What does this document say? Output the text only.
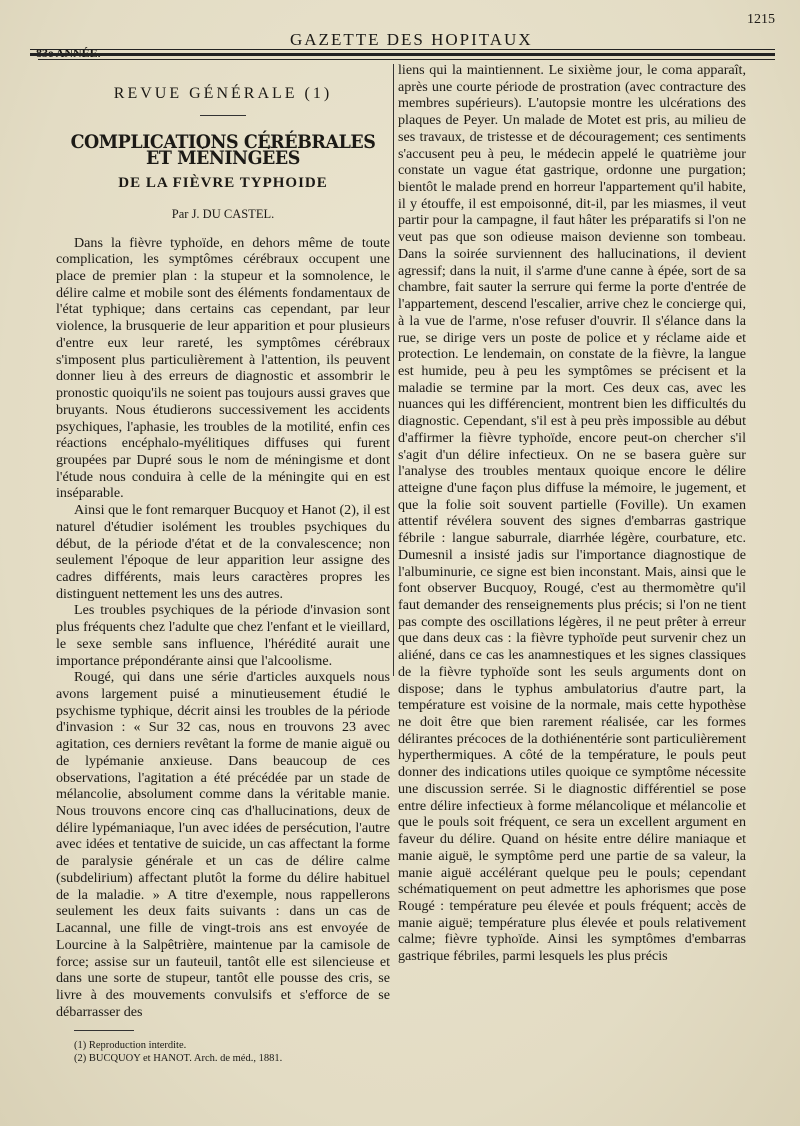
1215
GAZETTE DES HOPITAUX
REVUE GÉNÉRALE (1)
COMPLICATIONS CÉRÉBRALES ET MÉNINGÉES
DE LA FIÈVRE TYPHOIDE
Par J. DU CASTEL.

Dans la fièvre typhoïde, en dehors même de toute complication, les symptômes cérébraux occupent une place de premier plan : la stupeur et la somnolence, le délire calme et mobile sont des éléments fondamentaux de l'état typhique; dans certains cas cependant, par leur violence, la brusquerie de leur apparition et pour plusieurs d'entre eux leur rareté, les symptômes cérébraux s'imposent plus particulièrement à l'attention, ils peuvent donner lieu à des erreurs de diagnostic et assombrir le pronostic quoiqu'ils ne soient pas toujours aussi graves que bruyants. Nous étudierons successivement les accidents psychiques, l'aphasie, les troubles de la motilité, enfin ces réactions encéphalo-myélitiques diffuses qui furent groupées par Dupré sous le nom de méningisme et dont l'étude nous conduira à celle de la méningite qui en est inséparable.

Ainsi que le font remarquer Bucquoy et Hanot (2), il est naturel d'étudier isolément les troubles psychiques du début, de la période d'état et de la convalescence; non seulement l'époque de leur apparition leur assigne des cadres différents, mais leurs caractères propres les distinguent nettement les uns des autres.

Les troubles psychiques de la période d'invasion sont plus fréquents chez l'adulte que chez l'enfant et le vieillard, le sexe semble sans influence, l'hérédité aurait une importance prépondérante ainsi que l'alcoolisme.

Rougé, qui dans une série d'articles auxquels nous avons largement puisé a minutieusement étudié le psychisme typhique, décrit ainsi les troubles de la période d'invasion : « Sur 32 cas, nous en trouvons 23 avec agitation, ces derniers revêtant la forme de manie aiguë ou de lypémanie anxieuse. Dans beaucoup de ces observations, l'agitation a été précédée par un stade de mélancolie, absolument comme dans la véritable manie. Nous trouvons encore cinq cas d'hallucinations, deux de délire lypémaniaque, l'un avec idées de persécution, l'autre avec idées et tentative de suicide, un cas affectant la forme de paralysie générale et un cas de délire calme (subdelirium) affectant plutôt la forme du délire habituel de la maladie. » A titre d'exemple, nous rappellerons seulement les deux faits suivants : dans un cas de Lacannal, une fille de vingt-trois ans est envoyée de Lourcine à la Salpêtrière, maintenue par la camisole de force; assise sur un fauteuil, tantôt elle est silencieuse et dans une sorte de stupeur, tantôt elle pousse des cris, se livre à des mouvements convulsifs et s'efforce de se débarrasser des

(1) Reproduction interdite.
(2) BUCQUOY et HANOT. Arch. de méd., 1881.

liens qui la maintiennent. Le sixième jour, le coma apparaît, après une courte période de prostration (avec contracture des membres supérieurs). L'autopsie montre les ulcérations des plaques de Peyer. Un malade de Motet est pris, au milieu de ses travaux, de tristesse et de découragement; ces sentiments s'accusent peu à peu, le médecin appelé le quatrième jour constate un vague état gastrique, ordonne une purgation; bientôt le malade prend en horreur l'appartement qu'il habite, il y étouffe, il est empoisonné, dit-il, par les miasmes, il veut partir pour la campagne, il faut hâter les préparatifs si l'on ne veut pas que son odieuse maison devienne son tombeau. Dans la soirée surviennent des hallucinations, il devient agressif; dans la nuit, il s'arme d'une canne à épée, sort de sa chambre, fait sauter la serrure qui ferme la porte d'entrée de l'appartement, descend l'escalier, arrive chez le concierge qui, à la vue de l'arme, n'ose refuser d'ouvrir. Il s'élance dans la rue, se dirige vers un poste de police et y réclame aide et protection. Le lendemain, on constate de la fièvre, la langue est humide, peu à peu les symptômes se précisent et la maladie se termine par la mort. Ces deux cas, avec les nuances qui les différencient, montrent bien les difficultés du diagnostic. Cependant, s'il est à peu près impossible au début d'affirmer la fièvre typhoïde, encore peut-on chercher s'il s'agit d'un délire infectieux. On ne se basera guère sur l'analyse des troubles mentaux quoique encore le délire atteigne d'une façon plus diffuse la mémoire, le jugement, et que la folie soit souvent partielle (Foville). Un examen attentif révélera souvent des signes d'embarras gastrique fébrile : langue saburrale, diarrhée légère, courbature, etc. Dumesnil a insisté jadis sur l'importance diagnostique de l'albuminurie, ce signe est bien inconstant. Mais, ainsi que le font observer Bucquoy, Rougé, c'est au thermomètre qu'il faut demander des renseignements plus précis; si l'on ne tient pas compte des oscillations légères, il ne peut prêter à erreur que dans deux cas : la fièvre typhoïde peut survenir chez un aliéné, dans ce cas les anamnestiques et les signes classiques de la fièvre typhoïde sont les seuls arguments dont on dispose; dans le typhus ambulatorius d'autre part, la température est voisine de la normale, mais cette hypothèse ne doit être que bien rarement réalisée, car les formes délirantes précoces de la dothiénentérie sont particulièrement hyperthermiques. A côté de la température, le pouls peut donner des indications utiles quoique ce symptôme nécessite une discussion serrée. Si le diagnostic différentiel se pose entre délire infectieux à forme mélancolique et mélancolie et que le pouls soit fréquent, ce sera un excellent argument en faveur du délire. Quand on hésite entre délire maniaque et manie aiguë, le symptôme perd une partie de sa valeur, la manie aiguë accélérant quelque peu le pouls; cependant schématiquement on peut admettre les aphorismes que pose Rougé : température peu élevée et pouls fréquent; accès de manie aiguë; température plus élevée et pouls relativement calme; fièvre typhoïde. Ainsi les symptômes d'embarras gastrique fébriles, parmi lesquels les plus précis
